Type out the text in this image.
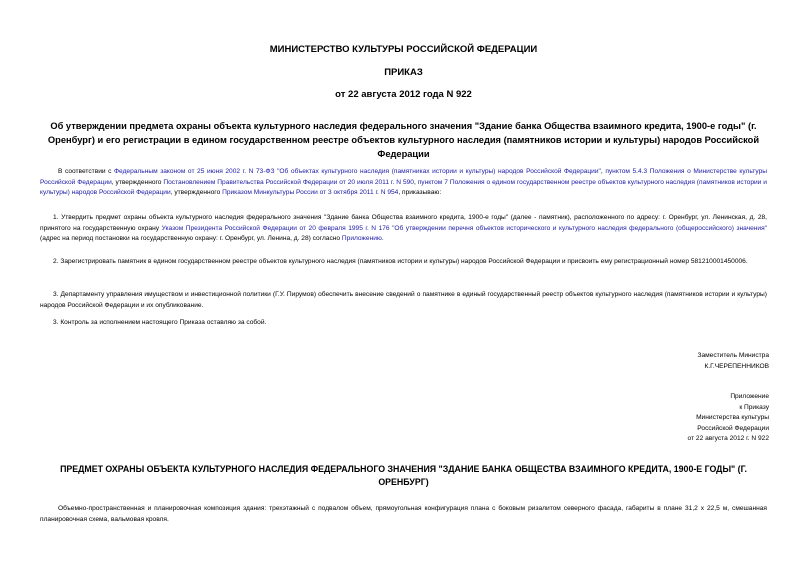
МИНИСТЕРСТВО КУЛЬТУРЫ РОССИЙСКОЙ ФЕДЕРАЦИИ
ПРИКАЗ
от 22 августа 2012 года N 922
Об утверждении предмета охраны объекта культурного наследия федерального значения "Здание банка Общества взаимного кредита, 1900-е годы" (г. Оренбург) и его регистрации в едином государственном реестре объектов культурного наследия (памятников истории и культуры) народов Российской Федерации
В соответствии с Федеральным законом от 25 июня 2002 г. N 73-ФЗ "Об объектах культурного наследия (памятниках истории и культуры) народов Российской Федерации", пунктом 5.4.3 Положения о Министерстве культуры Российской Федерации, утвержденного Постановлением Правительства Российской Федерации от 20 июля 2011 г. N 590, пунктом 7 Положения о едином государственном реестре объектов культурного наследия (памятников истории и культуры) народов Российской Федерации, утвержденного Приказом Минкультуры России от 3 октября 2011 г. N 954, приказываю:
1. Утвердить предмет охраны объекта культурного наследия федерального значения "Здание банка Общества взаимного кредита, 1900-е годы" (далее - памятник), расположенного по адресу: г. Оренбург, ул. Ленинская, д. 28, принятого на государственную охрану Указом Президента Российской Федерации от 20 февраля 1995 г. N 176 "Об утверждении перечня объектов исторического и культурного наследия федерального (общероссийского) значения" (адрес на период постановки на государственную охрану: г. Оренбург, ул. Ленина, д. 28) согласно Приложению.
2. Зарегистрировать памятник в едином государственном реестре объектов культурного наследия (памятников истории и культуры) народов Российской Федерации и присвоить ему регистрационный номер 581210001450006.
3. Департаменту управления имуществом и инвестиционной политики (Г.У. Пирумов) обеспечить внесение сведений о памятнике в единый государственный реестр объектов культурного наследия (памятников истории и культуры) народов Российской Федерации и их опубликование.
3. Контроль за исполнением настоящего Приказа оставляю за собой.
Заместитель Министра
К.Г.ЧЕРЕПЕННИКОВ
Приложение
к Приказу
Министерства культуры
Российской Федерации
от 22 августа 2012 г. N 922
ПРЕДМЕТ ОХРАНЫ ОБЪЕКТА КУЛЬТУРНОГО НАСЛЕДИЯ ФЕДЕРАЛЬНОГО ЗНАЧЕНИЯ "ЗДАНИЕ БАНКА ОБЩЕСТВА ВЗАИМНОГО КРЕДИТА, 1900-Е ГОДЫ" (Г. ОРЕНБУРГ)
Объемно-пространственная и планировочная композиция здания: трехэтажный с подвалом объем, прямоугольная конфигурация плана с боковым ризалитом северного фасада, габариты в плане 31,2 х 22,5 м, смешанная планировочная схема, вальмовая кровля.
